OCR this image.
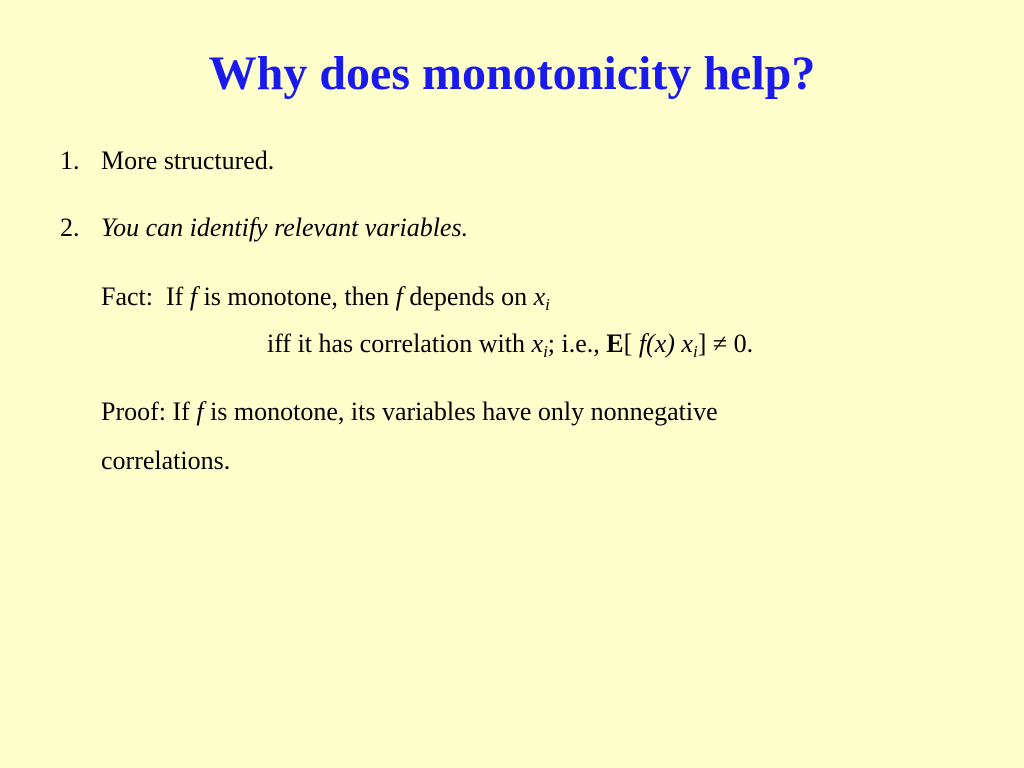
Why does monotonicity help?
1. More structured.
2. You can identify relevant variables.
Fact: If f is monotone, then f depends on $x_i$
iff it has correlation with $x_i$; i.e., E[ f(x) $x_i] \ne 0$.
Proof: If f is monotone, its variables have only nonnegative
correlations.
